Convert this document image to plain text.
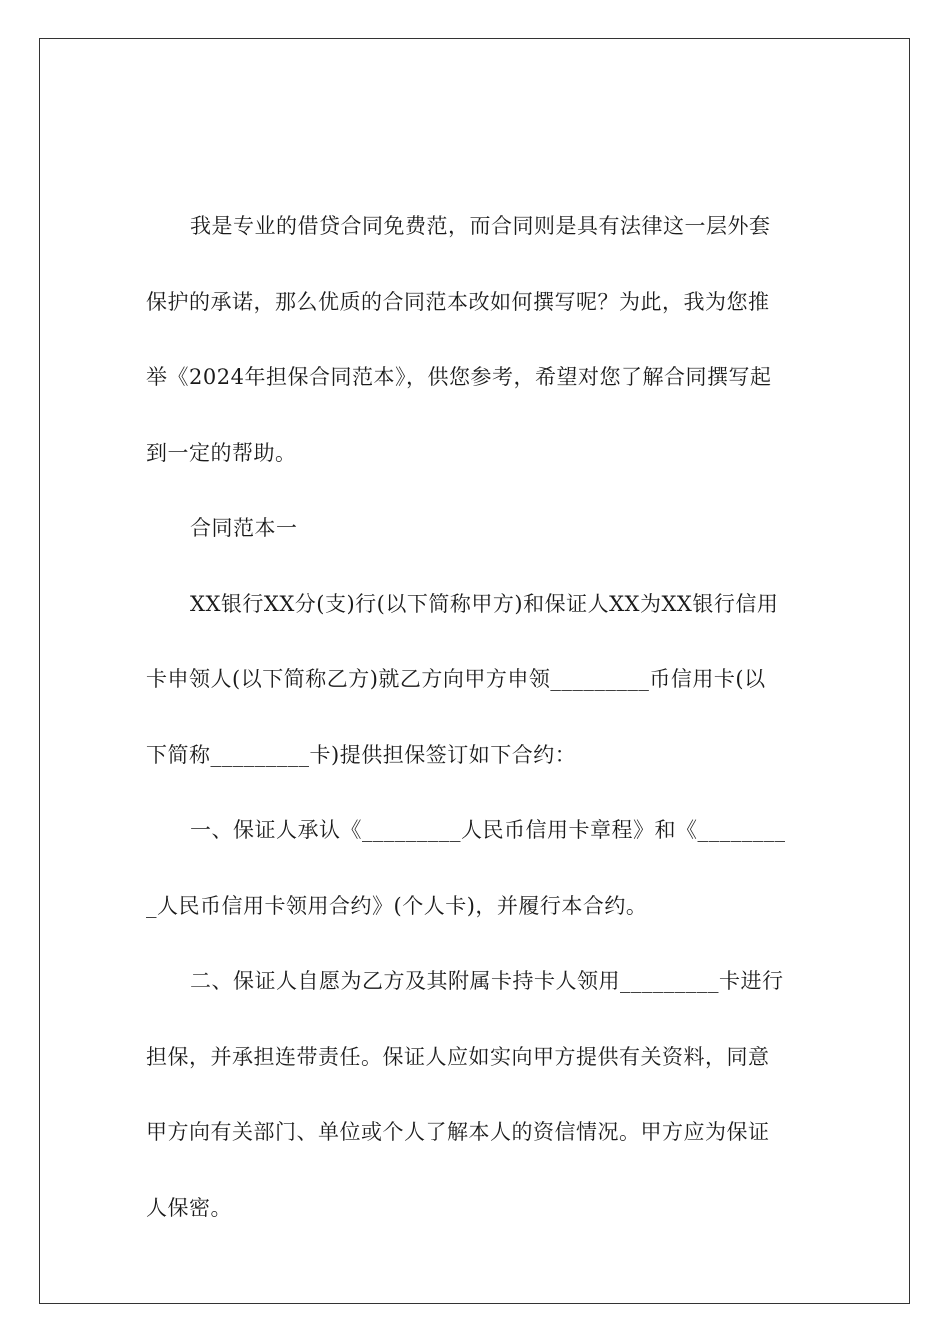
我是专业的借贷合同免费范，而合同则是具有法律这一层外套
保护的承诺，那么优质的合同范本改如何撰写呢？为此，我为您推
举《2024年担保合同范本》，供您参考，希望对您了解合同撰写起
到一定的帮助。
合同范本一
XX银行XX分(支)行(以下简称甲方)和保证人XX为XX银行信用
卡申领人(以下简称乙方)就乙方向甲方申领_________币信用卡(以
下简称_________卡)提供担保签订如下合约：
一、保证人承认《_________人民币信用卡章程》和《________
_人民币信用卡领用合约》(个人卡)，并履行本合约。
二、保证人自愿为乙方及其附属卡持卡人领用_________卡进行
担保，并承担连带责任。保证人应如实向甲方提供有关资料，同意
甲方向有关部门、单位或个人了解本人的资信情况。甲方应为保证
人保密。
